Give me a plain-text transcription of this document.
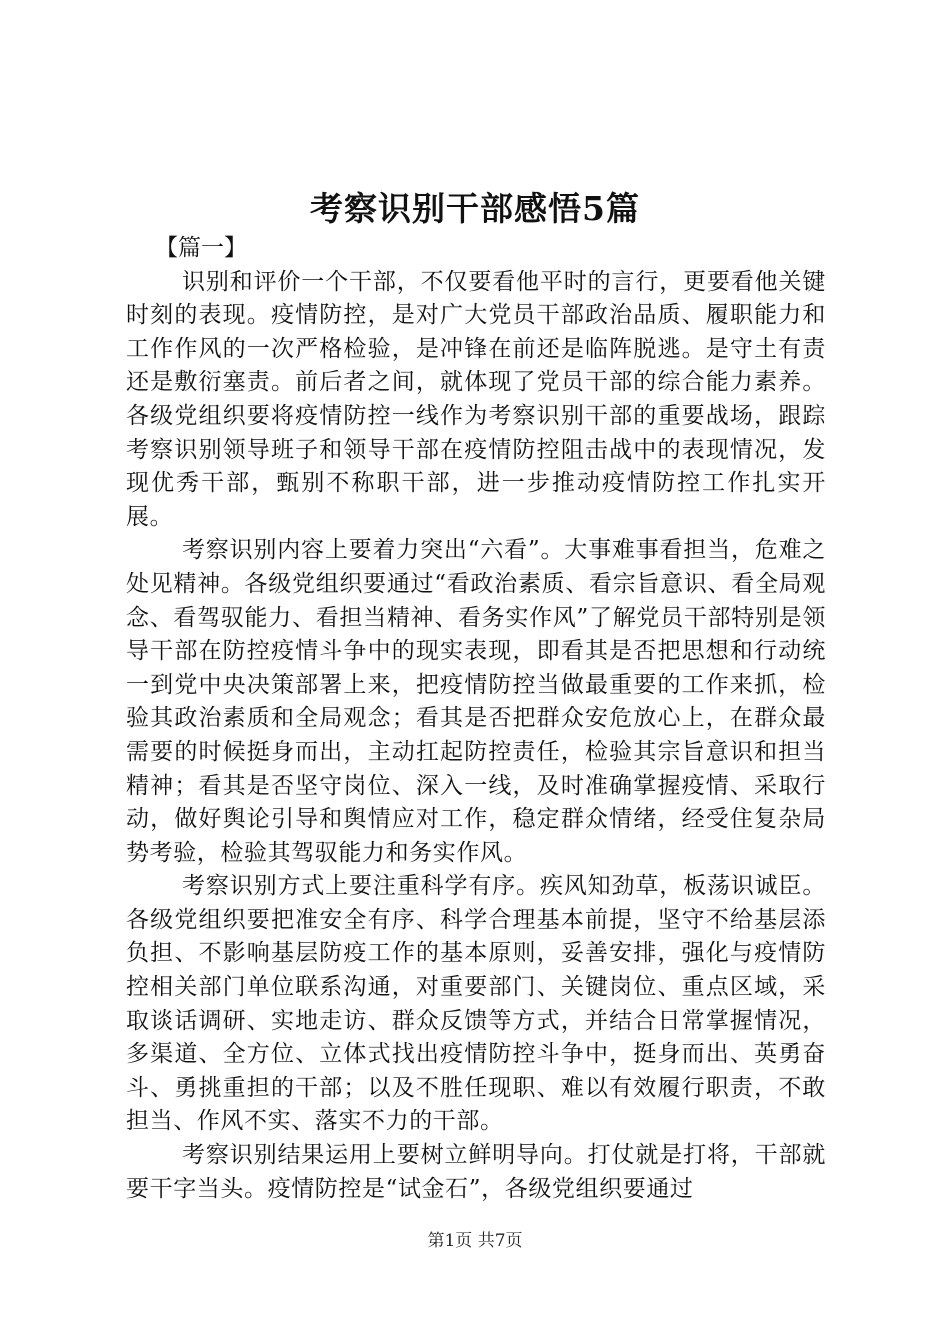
考察识别干部感悟5篇

【篇一】

识别和评价一个干部，不仅要看他平时的言行，更要看他关键时刻的表现。疫情防控，是对广大党员干部政治品质、履职能力和工作作风的一次严格检验，是冲锋在前还是临阵脱逃。是守土有责还是敷衍塞责。前后者之间，就体现了党员干部的综合能力素养。各级党组织要将疫情防控一线作为考察识别干部的重要战场，跟踪考察识别领导班子和领导干部在疫情防控阻击战中的表现情况，发现优秀干部，甄别不称职干部，进一步推动疫情防控工作扎实开展。

考察识别内容上要着力突出“六看”。大事难事看担当，危难之处见精神。各级党组织要通过“看政治素质、看宗旨意识、看全局观念、看驾驭能力、看担当精神、看务实作风”了解党员干部特别是领导干部在防控疫情斗争中的现实表现，即看其是否把思想和行动统一到党中央决策部署上来，把疫情防控当做最重要的工作来抓，检验其政治素质和全局观念；看其是否把群众安危放心上，在群众最需要的时候挺身而出，主动扛起防控责任，检验其宗旨意识和担当精神；看其是否坚守岗位、深入一线，及时准确掌握疫情、采取行动，做好舆论引导和舆情应对工作，稳定群众情绪，经受住复杂局势考验，检验其驾驭能力和务实作风。

考察识别方式上要注重科学有序。疾风知劲草，板荡识诚臣。各级党组织要把准安全有序、科学合理基本前提，坚守不给基层添负担、不影响基层防疫工作的基本原则，妥善安排，强化与疫情防控相关部门单位联系沟通，对重要部门、关键岗位、重点区域，采取谈话调研、实地走访、群众反馈等方式，并结合日常掌握情况，多渠道、全方位、立体式找出疫情防控斗争中，挺身而出、英勇奋斗、勇挑重担的干部；以及不胜任现职、难以有效履行职责，不敢担当、作风不实、落实不力的干部。

考察识别结果运用上要树立鲜明导向。打仗就是打将，干部就要干字当头。疫情防控是“试金石”，各级党组织要通过

第1页 共7页
